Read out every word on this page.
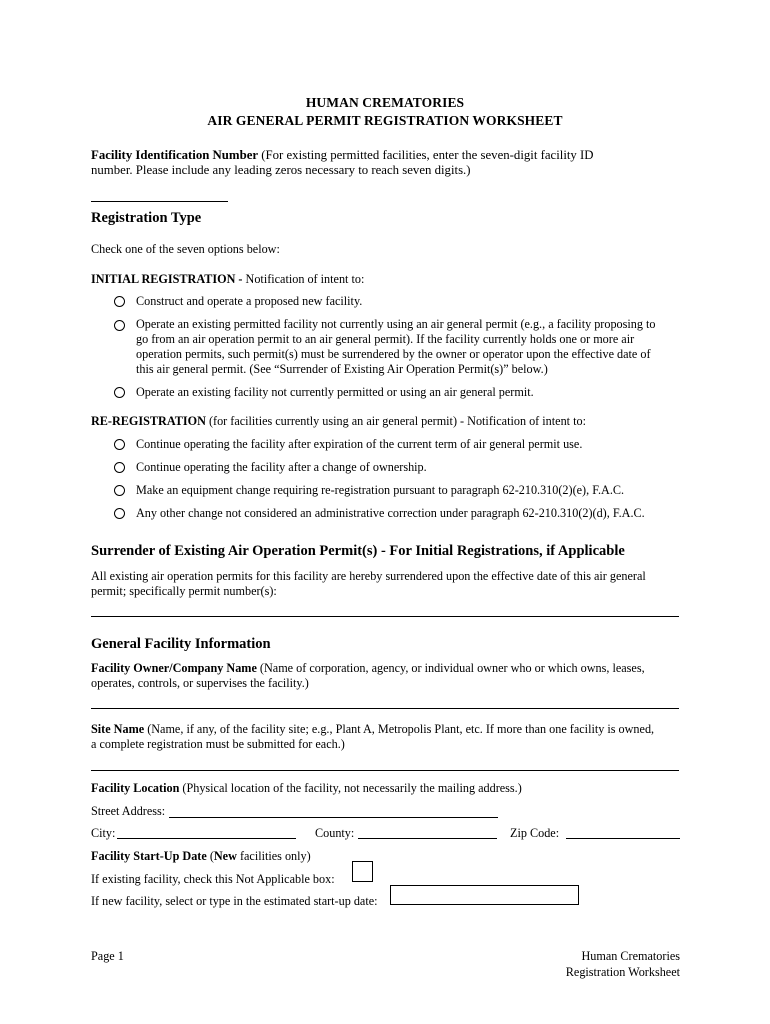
HUMAN CREMATORIES
AIR GENERAL PERMIT REGISTRATION WORKSHEET
Facility Identification Number (For existing permitted facilities, enter the seven-digit facility ID
number. Please include any leading zeros necessary to reach seven digits.)
Registration Type
Check one of the seven options below:
INITIAL REGISTRATION - Notification of intent to:
Construct and operate a proposed new facility.
Operate an existing permitted facility not currently using an air general permit (e.g., a facility proposing to
go from an air operation permit to an air general permit). If the facility currently holds one or more air
operation permits, such permit(s) must be surrendered by the owner or operator upon the effective date of
this air general permit. (See “Surrender of Existing Air Operation Permit(s)” below.)
Operate an existing facility not currently permitted or using an air general permit.
RE-REGISTRATION (for facilities currently using an air general permit) - Notification of intent to:
Continue operating the facility after expiration of the current term of air general permit use.
Continue operating the facility after a change of ownership.
Make an equipment change requiring re-registration pursuant to paragraph 62-210.310(2)(e), F.A.C.
Any other change not considered an administrative correction under paragraph 62-210.310(2)(d), F.A.C.
Surrender of Existing Air Operation Permit(s) - For Initial Registrations, if Applicable
All existing air operation permits for this facility are hereby surrendered upon the effective date of this air general
permit; specifically permit number(s):
General Facility Information
Facility Owner/Company Name (Name of corporation, agency, or individual owner who or which owns, leases,
operates, controls, or supervises the facility.)
Site Name (Name, if any, of the facility site; e.g., Plant A, Metropolis Plant, etc. If more than one facility is owned,
a complete registration must be submitted for each.)
Facility Location (Physical location of the facility, not necessarily the mailing address.)
Street Address:
City:	County:	Zip Code:
Facility Start-Up Date (New facilities only)
If existing facility, check this Not Applicable box:
If new facility, select or type in the estimated start-up date:
Page 1	Human Crematories
Registration Worksheet
